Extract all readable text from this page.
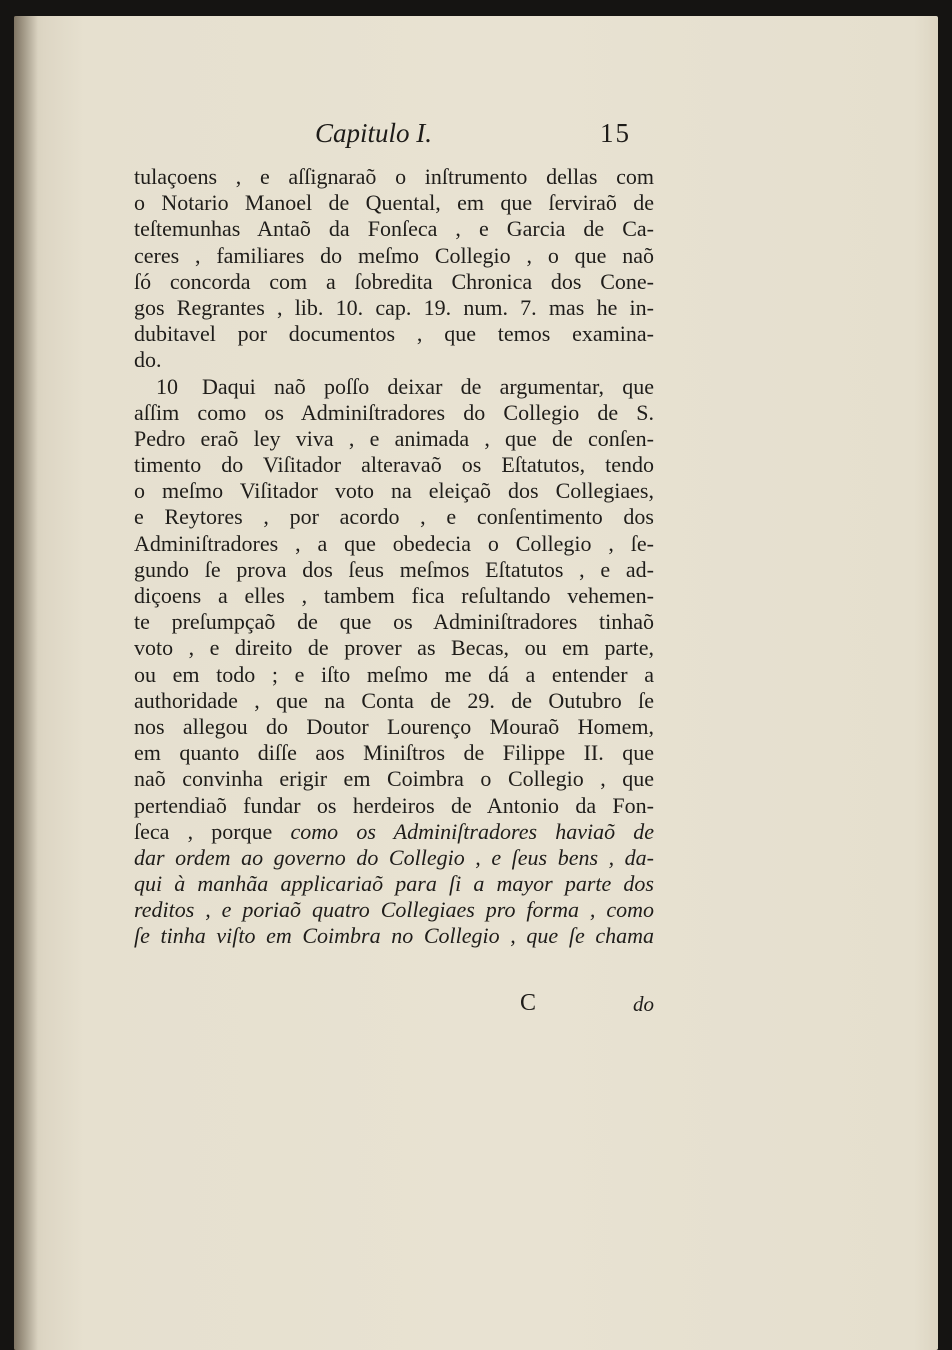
Capitulo I.	15
tulaçoens , e aſſignaraõ o inſtrumento dellas com
o Notario Manoel de Quental, em que ſerviraõ de
teſtemunhas Antaõ da Fonſeca , e Garcia de Ca-
ceres , familiares do meſmo Collegio , o que naõ
ſó concorda com a ſobredita Chronica dos Cone-
gos Regrantes , lib. 10. cap. 19. num. 7. mas he in-
dubitavel por documentos , que temos examina-
do.
10 Daqui naõ poſſo deixar de argumentar, que
aſſim como os Adminiſtradores do Collegio de S.
Pedro eraõ ley viva , e animada , que de conſen-
timento do Viſitador alteravaõ os Eſtatutos, tendo
o meſmo Viſitador voto na eleiçaõ dos Collegiaes,
e Reytores , por acordo , e conſentimento dos
Adminiſtradores , a que obedecia o Collegio , ſe-
gundo ſe prova dos ſeus meſmos Eſtatutos , e ad-
diçoens a elles , tambem fica reſultando vehemen-
te preſumpçaõ de que os Adminiſtradores tinhaõ
voto , e direito de prover as Becas, ou em parte,
ou em todo ; e iſto meſmo me dá a entender a
authoridade , que na Conta de 29. de Outubro ſe
nos allegou do Doutor Lourenço Mouraõ Homem,
em quanto diſſe aos Miniſtros de Filippe II. que
naõ convinha erigir em Coimbra o Collegio , que
pertendiaõ fundar os herdeiros de Antonio da Fon-
ſeca , porque como os Adminiſtradores haviaõ de
dar ordem ao governo do Collegio , e ſeus bens , da-
qui à manhãa applicariaõ para ſi a mayor parte dos
reditos , e poriaõ quatro Collegiaes pro forma , como
ſe tinha viſto em Coimbra no Collegio , que ſe chama
C	do
